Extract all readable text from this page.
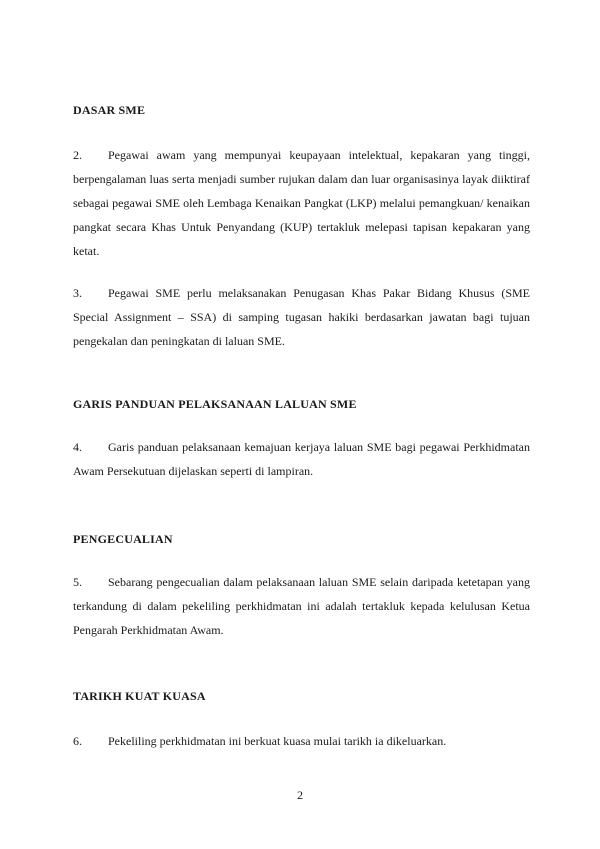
DASAR SME
2. Pegawai awam yang mempunyai keupayaan intelektual, kepakaran yang tinggi, berpengalaman luas serta menjadi sumber rujukan dalam dan luar organisasinya layak diiktiraf sebagai pegawai SME oleh Lembaga Kenaikan Pangkat (LKP) melalui pemangkuan/ kenaikan pangkat secara Khas Untuk Penyandang (KUP) tertakluk melepasi tapisan kepakaran yang ketat.
3. Pegawai SME perlu melaksanakan Penugasan Khas Pakar Bidang Khusus (SME Special Assignment – SSA) di samping tugasan hakiki berdasarkan jawatan bagi tujuan pengekalan dan peningkatan di laluan SME.
GARIS PANDUAN PELAKSANAAN LALUAN SME
4. Garis panduan pelaksanaan kemajuan kerjaya laluan SME bagi pegawai Perkhidmatan Awam Persekutuan dijelaskan seperti di lampiran.
PENGECUALIAN
5. Sebarang pengecualian dalam pelaksanaan laluan SME selain daripada ketetapan yang terkandung di dalam pekeliling perkhidmatan ini adalah tertakluk kepada kelulusan Ketua Pengarah Perkhidmatan Awam.
TARIKH KUAT KUASA
6. Pekeliling perkhidmatan ini berkuat kuasa mulai tarikh ia dikeluarkan.
2
